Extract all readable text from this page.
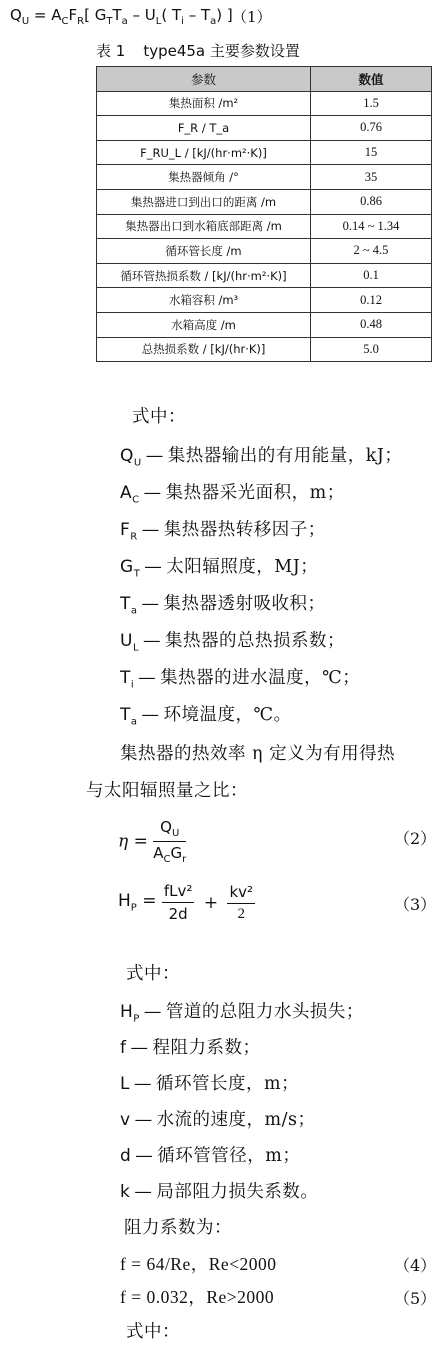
$Q_U = A_CF_R$[ $G_TT_a - U_L$( $T_i - T_a$) ] （1）
表 1 type45a 主要参数设置
参数	数值
集热面积 /m²	1.5
F_R / T_a	0.76
F_RU_L / [kJ/(hr·m²·K)]	15
集热器倾角 /°	35
集热器进口到出口的距离 /m	0.86
集热器出口到水箱底部距离 /m	0.14 ~ 1.34
循环管长度 /m	2 ~ 4.5
循环管热损系数 / [kJ/(hr·m²·K)]	0.1
水箱容积 /m³	0.12
水箱高度 /m	0.48
总热损系数 / [kJ/(hr·K)]	5.0
式中：
$Q_U$ — 集热器输出的有用能量，kJ；
$A_C$ — 集热器采光面积，m；
$F_R$ — 集热器热转移因子；
$G_T$ — 太阳辐照度，MJ；
$T_a$ — 集热器透射吸收积；
$U_L$ — 集热器的总热损系数；
$T_i$ — 集热器的进水温度，℃；
$T_a$ — 环境温度，℃。
集热器的热效率 η 定义为有用得热
与太阳辐照量之比：
$\eta = \frac{Q_U}{A_CG_r}$	（2）
$H_P = \frac{\text{fLv²}}{2d} + \frac{\text{kv²}}{2}$	（3）
式中：
$H_P$ — 管道的总阻力水头损失；
f — 程阻力系数；
L — 循环管长度，m；
v — 水流的速度，m/s；
d — 循环管管径，m；
k — 局部阻力损失系数。
阻力系数为：
f = 64/Re，Re<2000	（4）
f = 0.032，Re>2000	（5）
式中：
